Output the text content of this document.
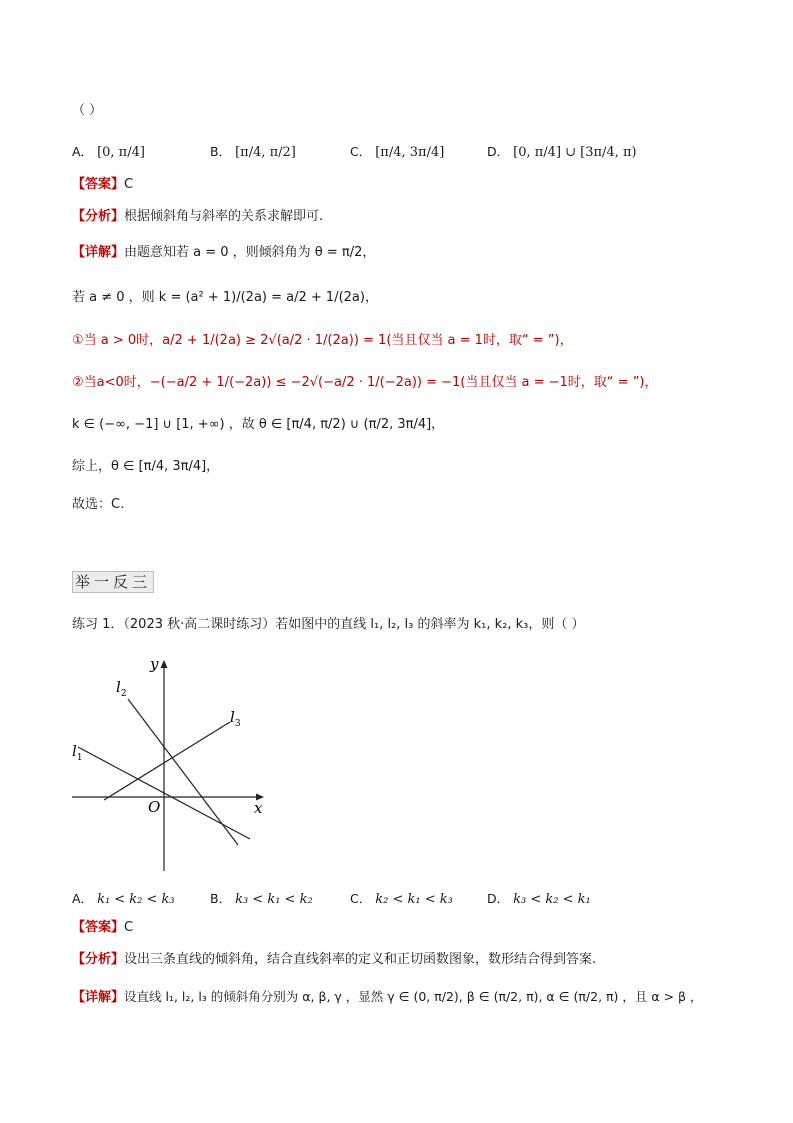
（ ）
A． [0, π/4]	B． [π/4, π/2]	C． [π/4, 3π/4]	D． [0, π/4] ∪ [3π/4, π)
【答案】C
【分析】根据倾斜角与斜率的关系求解即可.
【详解】由题意知若 a = 0 ，则倾斜角为 θ = π/2，
若 a ≠ 0 ，则 k = (a² + 1)/(2a) = a/2 + 1/(2a)，
①当 a > 0时，a/2 + 1/(2a) ≥ 2√(a/2 · 1/(2a)) = 1(当且仅当 a = 1时，取“ = ”)，
②当a<0时，−(−a/2 + 1/(−2a)) ≤ −2√(−a/2 · 1/(−2a)) = −1(当且仅当 a = −1时，取“ = ”)，
k ∈ (−∞, −1] ∪ [1, +∞) ，故 θ ∈ [π/4, π/2) ∪ (π/2, 3π/4]，
综上，θ ∈ [π/4, 3π/4]，
故选：C.
举一反三
练习 1．（2023 秋·高二课时练习）若如图中的直线 l₁, l₂, l₃ 的斜率为 k₁, k₂, k₃，则（ ）
y
x
O
$l_2$
$l_3$
$l_1$
A． k₁ < k₂ < k₃	B． k₃ < k₁ < k₂	C． k₂ < k₁ < k₃	D． k₃ < k₂ < k₁
【答案】C
【分析】设出三条直线的倾斜角，结合直线斜率的定义和正切函数图象，数形结合得到答案.
【详解】设直线 l₁, l₂, l₃ 的倾斜角分别为 α, β, γ ，显然 γ ∈ (0, π/2), β ∈ (π/2, π), α ∈ (π/2, π) ，且 α > β ，
